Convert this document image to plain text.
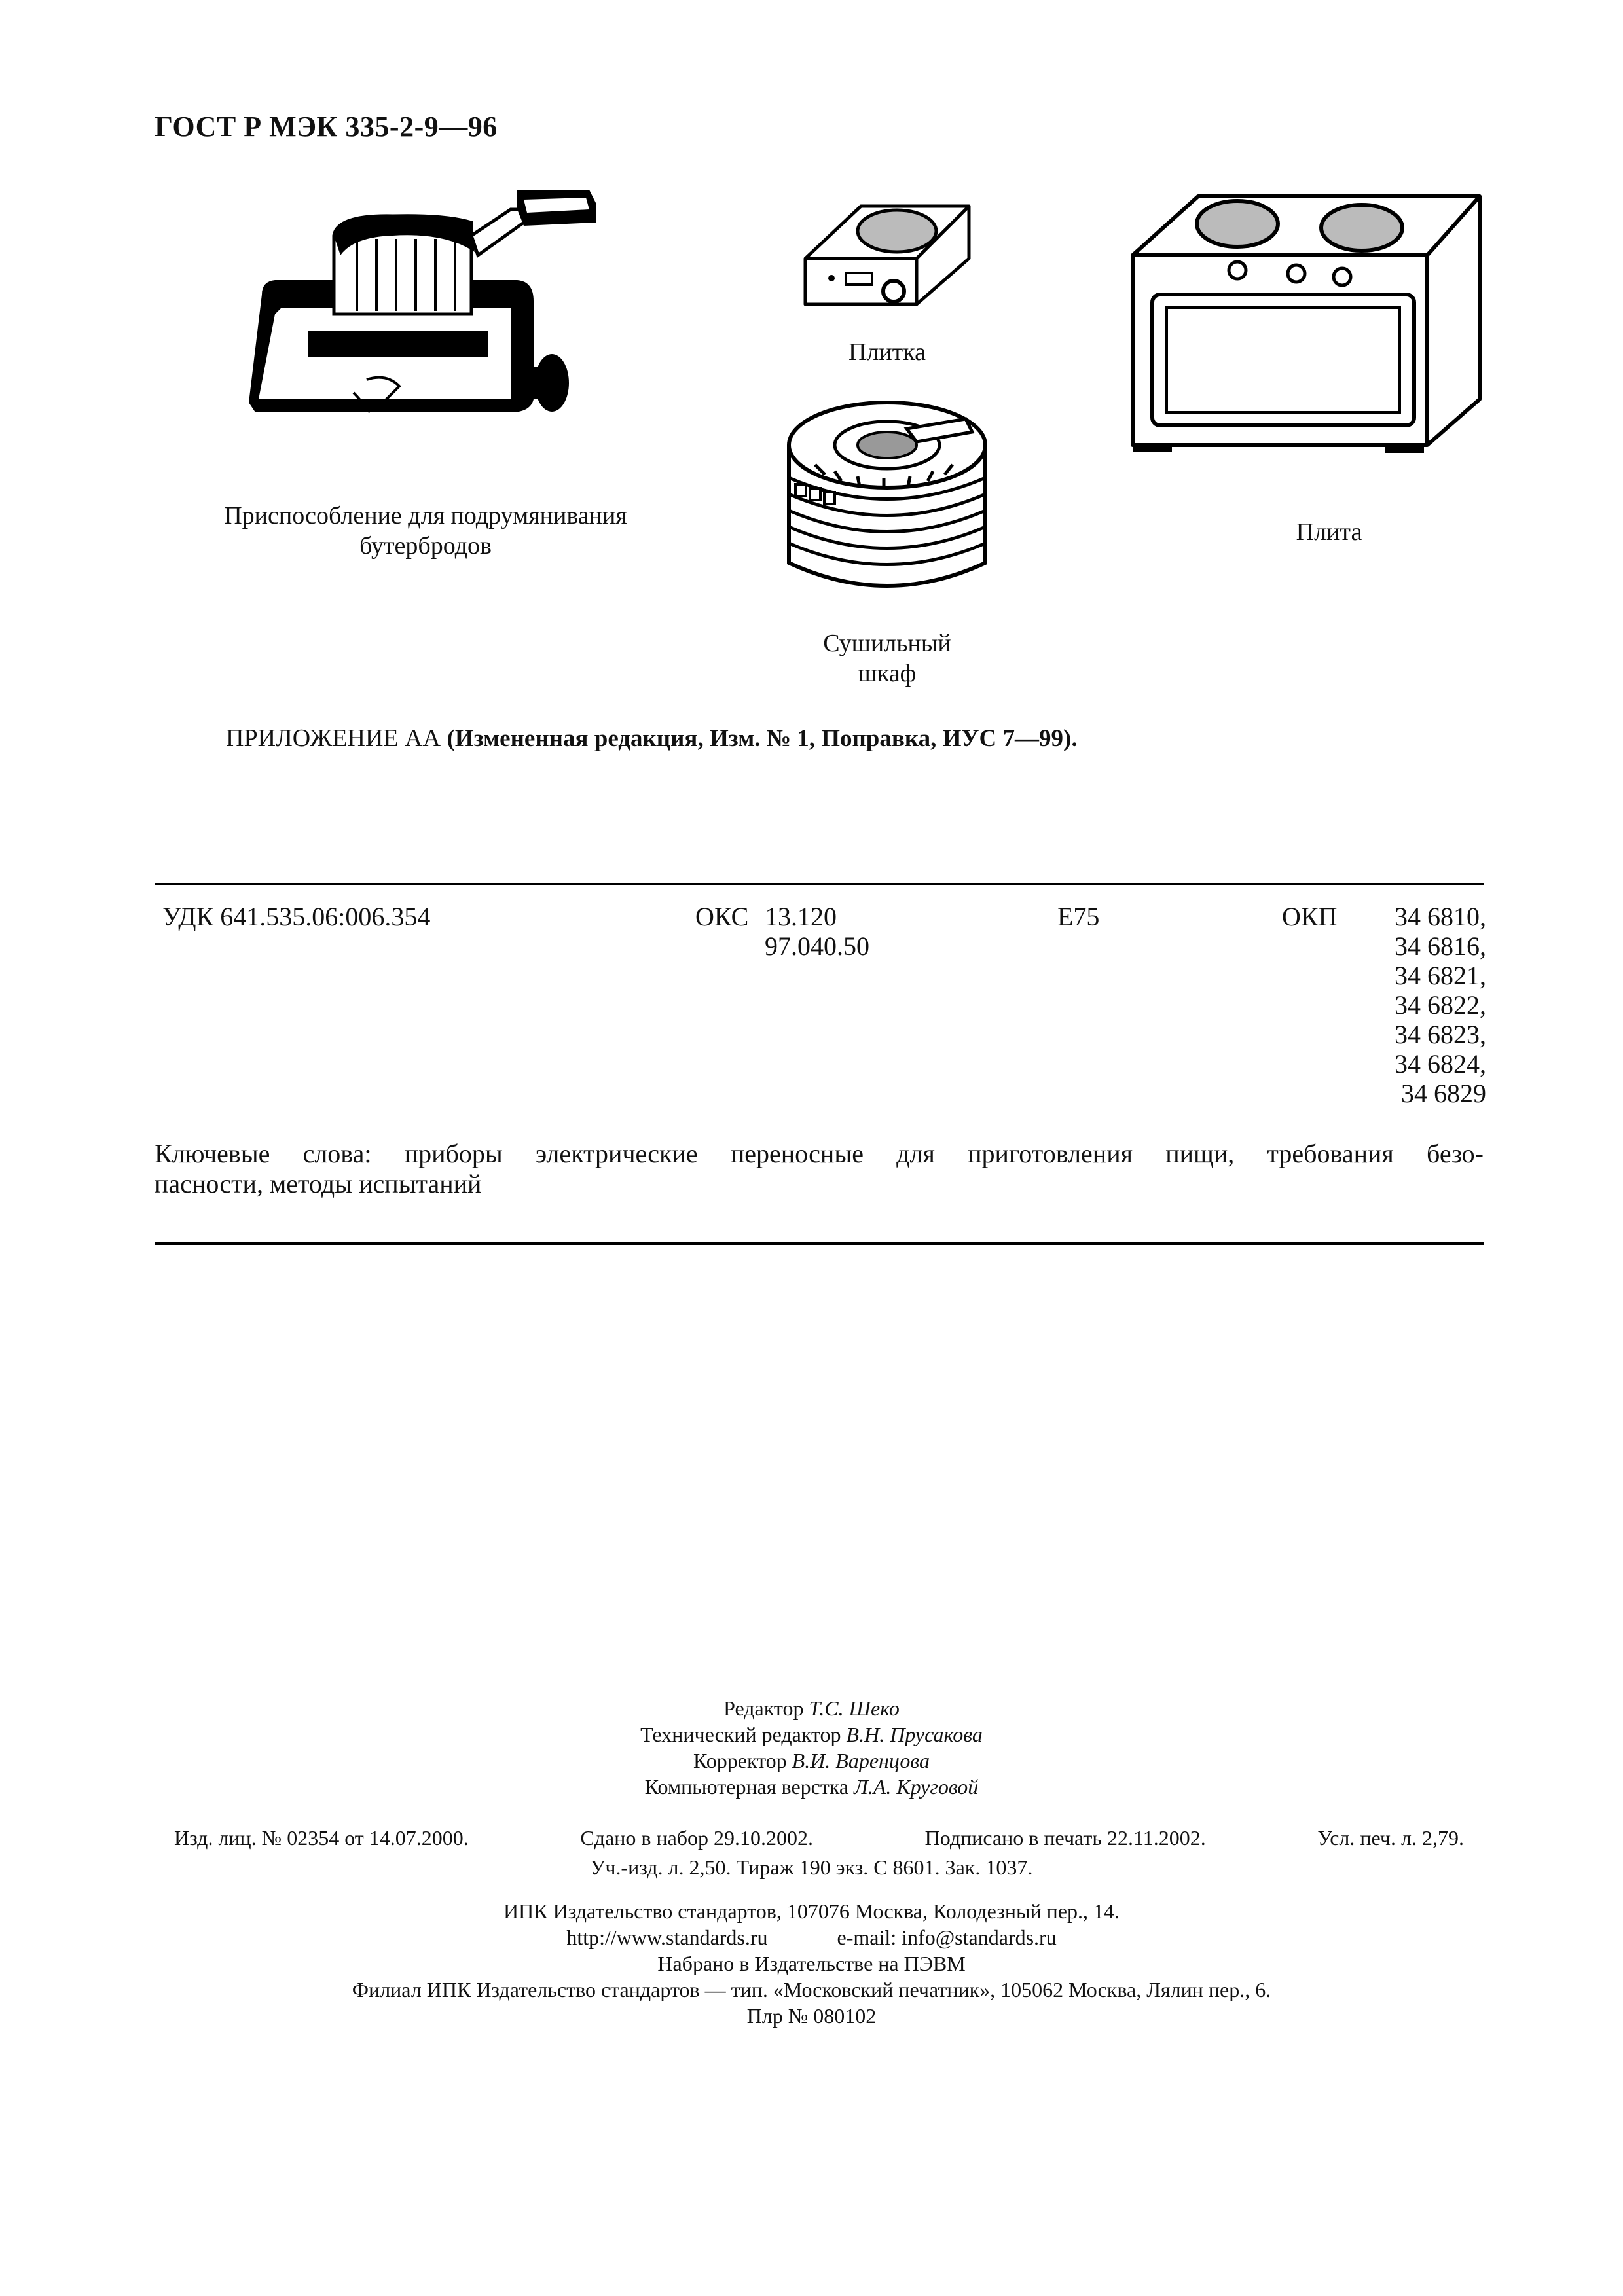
ГОСТ Р МЭК 335-2-9—96
Приспособление для подрумянивания
бутербродов
Плитка
Сушильный
шкаф
Плита
ПРИЛОЖЕНИЕ АА (Измененная редакция, Изм. № 1, Поправка, ИУС 7—99).
УДК 641.535.06:006.354	ОКС 13.120
97.040.50
Е75	ОКП	34 6810,
34 6816,
34 6821,
34 6822,
34 6823,
34 6824,
34 6829
Ключевые слова: приборы электрические переносные для приготовления пищи, требования безо-
пасности, методы испытаний
Редактор Т.С. Шеко
Технический редактор В.Н. Прусакова
Корректор В.И. Варенцова
Компьютерная верстка Л.А. Круговой
Изд. лиц. № 02354 от 14.07.2000.	Сдано в набор 29.10.2002.	Подписано в печать 22.11.2002.	Усл. печ. л. 2,79.
Уч.-изд. л. 2,50. Тираж 190 экз. С 8601. Зак. 1037.
ИПК Издательство стандартов, 107076 Москва, Колодезный пер., 14.
http://www.standards.ru	e-mail: info@standards.ru
Набрано в Издательстве на ПЭВМ
Филиал ИПК Издательство стандартов — тип. «Московский печатник», 105062 Москва, Лялин пер., 6.
Плр № 080102
